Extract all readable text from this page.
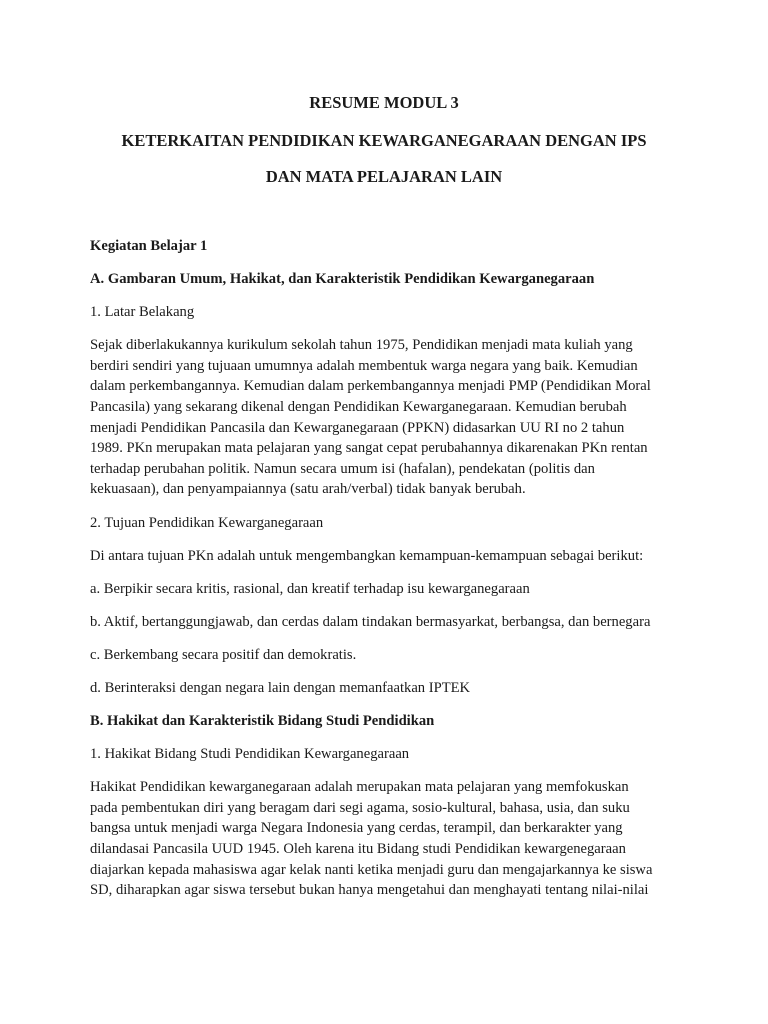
RESUME MODUL 3
KETERKAITAN PENDIDIKAN KEWARGANEGARAAN DENGAN IPS
DAN MATA PELAJARAN LAIN

Kegiatan Belajar 1

A. Gambaran Umum, Hakikat, dan Karakteristik Pendidikan Kewarganegaraan

1. Latar Belakang

Sejak diberlakukannya kurikulum sekolah tahun 1975, Pendidikan menjadi mata kuliah yang
berdiri sendiri yang tujuaan umumnya adalah membentuk warga negara yang baik. Kemudian
dalam perkembangannya. Kemudian dalam perkembangannya menjadi PMP (Pendidikan Moral
Pancasila) yang sekarang dikenal dengan Pendidikan Kewarganegaraan. Kemudian berubah
menjadi Pendidikan Pancasila dan Kewarganegaraan (PPKN) didasarkan UU RI no 2 tahun
1989. PKn merupakan mata pelajaran yang sangat cepat perubahannya dikarenakan PKn rentan
terhadap perubahan politik. Namun secara umum isi (hafalan), pendekatan (politis dan
kekuasaan), dan penyampaiannya (satu arah/verbal) tidak banyak berubah.

2. Tujuan Pendidikan Kewarganegaraan

Di antara tujuan PKn adalah untuk mengembangkan kemampuan-kemampuan sebagai berikut:

a. Berpikir secara kritis, rasional, dan kreatif terhadap isu kewarganegaraan

b. Aktif, bertanggungjawab, dan cerdas dalam tindakan bermasyarkat, berbangsa, dan bernegara

c. Berkembang secara positif dan demokratis.

d. Berinteraksi dengan negara lain dengan memanfaatkan IPTEK

B. Hakikat dan Karakteristik Bidang Studi Pendidikan

1. Hakikat Bidang Studi Pendidikan Kewarganegaraan

Hakikat Pendidikan kewarganegaraan adalah merupakan mata pelajaran yang memfokuskan
pada pembentukan diri yang beragam dari segi agama, sosio-kultural, bahasa, usia, dan suku
bangsa untuk menjadi warga Negara Indonesia yang cerdas, terampil, dan berkarakter yang
dilandasai Pancasila UUD 1945. Oleh karena itu Bidang studi Pendidikan kewargenegaraan
diajarkan kepada mahasiswa agar kelak nanti ketika menjadi guru dan mengajarkannya ke siswa
SD, diharapkan agar siswa tersebut bukan hanya mengetahui dan menghayati tentang nilai-nilai
